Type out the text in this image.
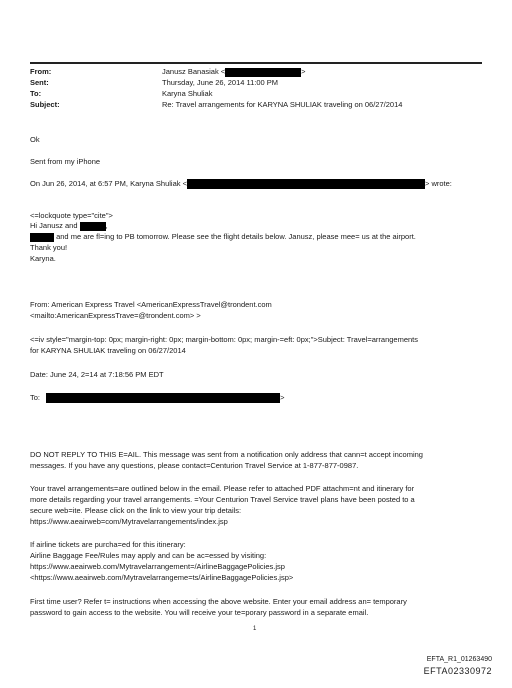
From:	Janusz Banasiak <	>
Sent:	Thursday, June 26, 2014 11:00 PM
To:	Karyna Shuliak
Subject:	Re: Travel arrangements for KARYNA SHULIAK traveling on 06/27/2014
Ok
Sent from my iPhone
On Jun 26, 2014, at 6:57 PM, Karyna Shuliak <	> wrote:
<=lockquote type="cite">
Hi Janusz and	,
and me are fl=ing to PB tomorrow. Please see the flight details below. Janusz, please mee= us at the airport.
Thank you!
Karyna.
From: American Express Travel <AmericanExpressTravel@trondent.com
<mailto:AmericanExpressTrave=@trondent.com> >
<=iv style="margin-top: 0px; margin-right: 0px; margin-bottom: 0px; margin-=eft: 0px;">Subject: Travel=arrangements
for KARYNA SHULIAK traveling on 06/27/2014
Date: June 24, 2=14 at 7:18:56 PM EDT
To:	>
DO NOT REPLY TO THIS E=AIL. This message was sent from a notification only address that cann=t accept incoming
messages. If you have any questions, please contact=Centurion Travel Service at 1-877-877-0987.
Your travel arrangements=are outlined below in the email. Please refer to attached PDF attachm=nt and itinerary for
more details regarding your travel arrangements. =Your Centurion Travel Service travel plans have been posted to a
secure web=ite. Please click on the link to view your trip details:
https://www.aeairweb=com/Mytravelarrangements/index.jsp
If airline tickets are purcha=ed for this itinerary:
Airline Baggage Fee/Rules may apply and can be ac=essed by visiting:
https://www.aeairweb.com/Mytravelarrangement=/AirlineBaggagePolicies.jsp
<https://www.aeairweb.com/Mytravelarrangeme=ts/AirlineBaggagePolicies.jsp>
First time user? Refer t= instructions when accessing the above website. Enter your email address an= temporary
password to gain access to the website. You will receive your te=porary password in a separate email.
1
EFTA_R1_01263490
EFTA02330972
